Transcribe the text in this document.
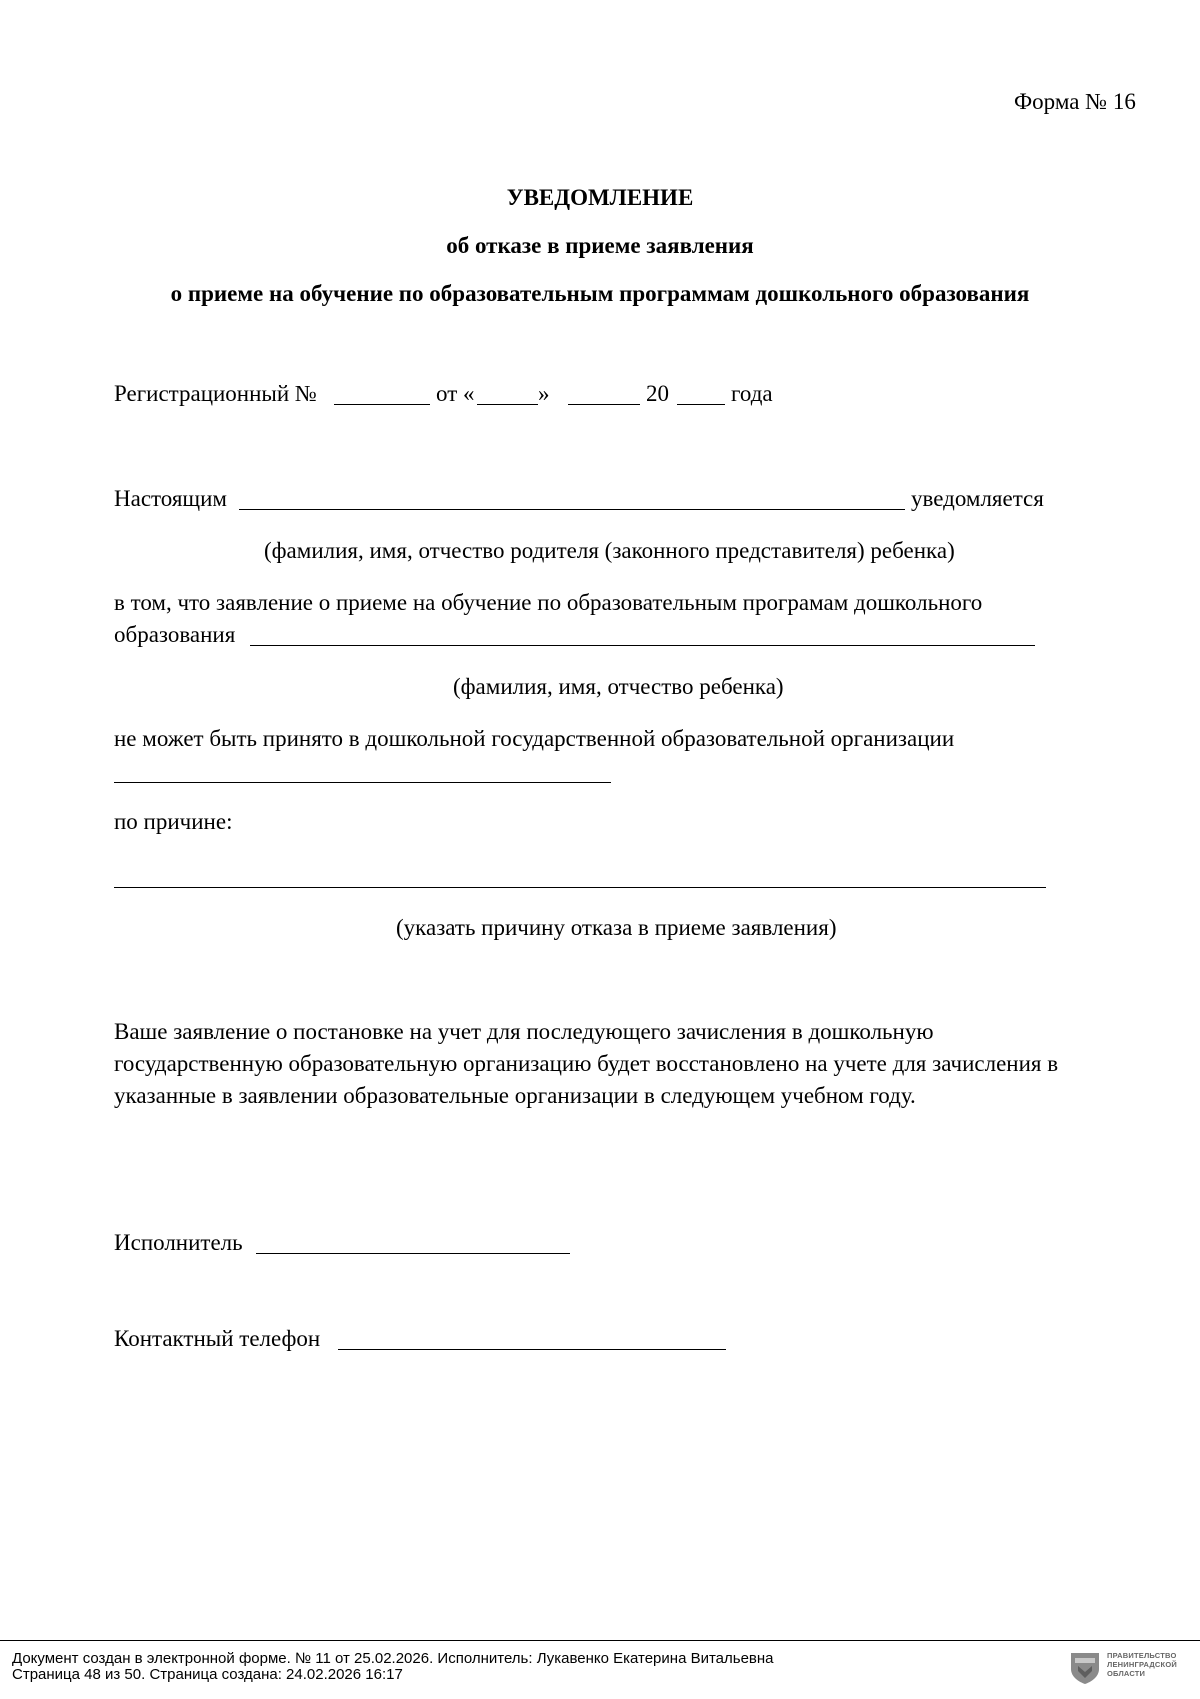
Форма № 16
УВЕДОМЛЕНИЕ
об отказе в приеме заявления
о приеме на обучение по образовательным программам дошкольного образования
Регистрационный №	от «	»	20	года
Настоящим	уведомляется
(фамилия, имя, отчество родителя (законного представителя) ребенка)
в том, что заявление о приеме на обучение по образовательным програмам дошкольного
образования
(фамилия, имя, отчество ребенка)
не может быть принято в дошкольной государственной образовательной организации
по причине:
(указать причину отказа в приеме заявления)
Ваше заявление о постановке на учет для последующего зачисления в дошкольную
государственную образовательную организацию будет восстановлено на учете для зачисления в
указанные в заявлении образовательные организации в следующем учебном году.
Исполнитель
Контактный телефон
Документ создан в электронной форме. № 11 от 25.02.2026. Исполнитель: Лукавенко Екатерина Витальевна
Страница 48 из 50. Страница создана: 24.02.2026 16:17
ПРАВИТЕЛЬСТВО
ЛЕНИНГРАДСКОЙ
ОБЛАСТИ
